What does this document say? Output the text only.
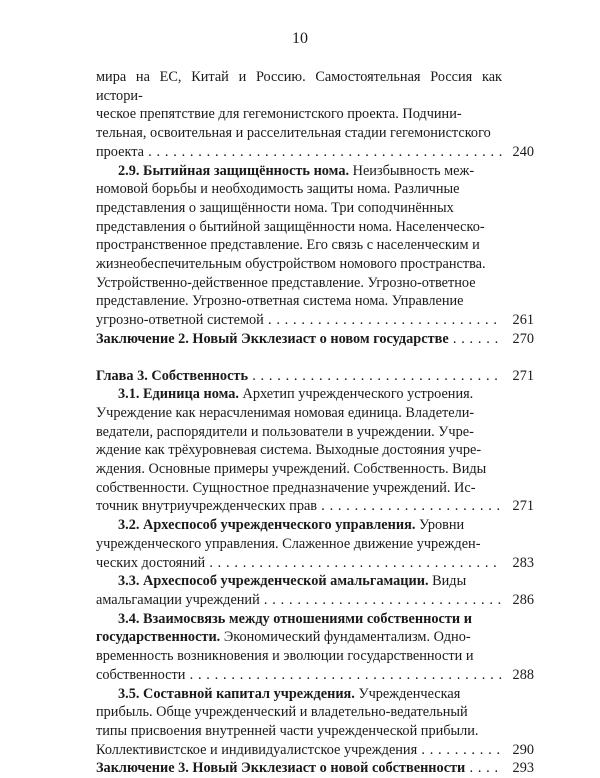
10
мира на ЕС, Китай и Россию. Самостоятельная Россия как истори-
ческое препятствие для гегемонистского проекта. Подчини-
тельная, освоительная и расселительная стадии гегемонистского
проекта . . .	240
2.9. Бытийная защищённость нома. Неизбывность меж-
номовой борьбы и необходимость защиты нома. Различные
представления о защищённости нома. Три соподчинённых
представления о бытийной защищённости нома. Населенческо-
пространственное представление. Его связь с населенческим и
жизнеобеспечительным обустройством номового пространства.
Устройственно-действенное представление. Угрозно-ответное
представление. Угрозно-ответная система нома. Управление
угрозно-ответной системой . . .	261
Заключение 2. Новый Экклезиаст о новом государстве . . .	270
Глава 3. Собственность . . .	271
3.1. Единица нома. Архетип учрежденческого устроения.
Учреждение как нерасчленимая номовая единица. Владетели-
ведатели, распорядители и пользователи в учреждении. Учре-
ждение как трёхуровневая система. Выходные достояния учре-
ждения. Основные примеры учреждений. Собственность. Виды
собственности. Сущностное предназначение учреждений. Ис-
точник внутриучрежденческих прав . . .	271
3.2. Археспособ учрежденческого управления. Уровни
учрежденческого управления. Слаженное движение учрежден-
ческих достояний . . .	283
3.3. Археспособ учрежденческой амальгамации. Виды
амальгамации учреждений . . .	286
3.4. Взаимосвязь между отношениями собственности и
государственности. Экономический фундаментализм. Одно-
временность возникновения и эволюции государственности и
собственности . . .	288
3.5. Составной капитал учреждения. Учрежденческая
прибыль. Обще учрежденческий и владетельно-ведательный
типы присвоения внутренней части учрежденческой прибыли.
Коллективистское и индивидуалистское учреждения . . .	290
Заключение 3. Новый Экклезиаст о новой собственности . . .	293
